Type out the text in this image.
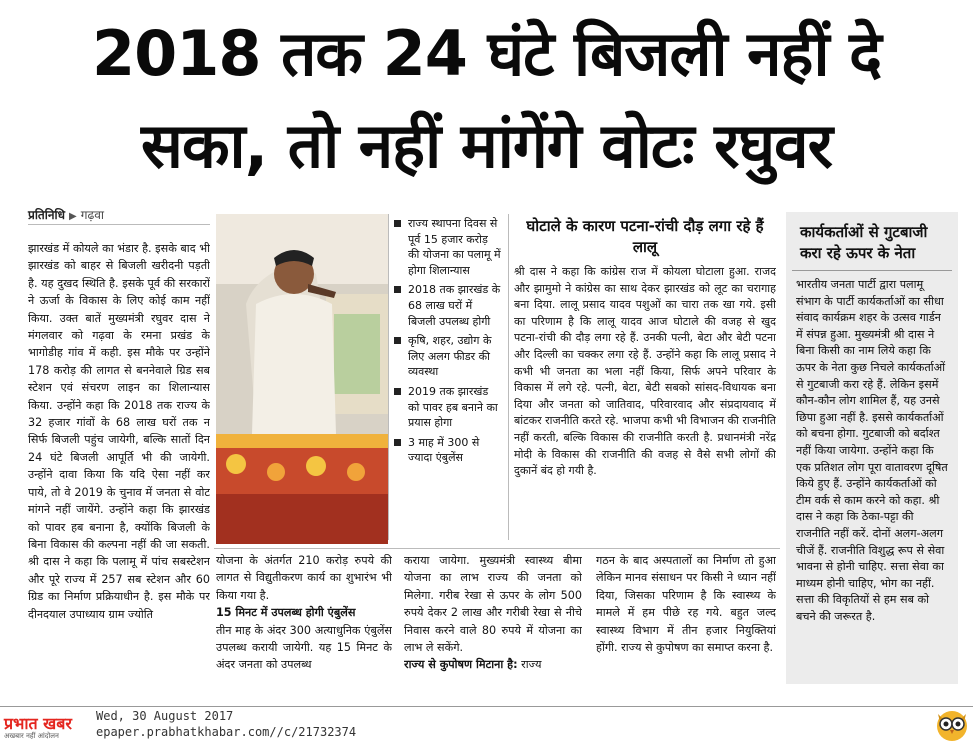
2018 तक 24 घंटे बिजली नहीं दे
सका, तो नहीं मांगेंगे वोटः रघुवर
प्रतिनिधि ▶ गढ़वा

झारखंड में कोयले का भंडार है. इसके बाद भी झारखंड को बाहर से बिजली खरीदनी पड़ती है. यह दुखद स्थिति है. इसके पूर्व की सरकारों ने ऊर्जा के विकास के लिए कोई काम नहीं किया. उक्त बातें मुख्यमंत्री रघुवर दास ने मंगलवार को गढ़वा के रमना प्रखंड के भागोडीह गांव में कही. इस मौके पर उन्होंने 178 करोड़ की लागत से बननेवाले ग्रिड सब स्टेशन एवं संचरण लाइन का शिलान्यास किया. उन्होंने कहा कि 2018 तक राज्य के 32 हजार गांवों के 68 लाख घरों तक न सिर्फ बिजली पहुंच जायेगी, बल्कि सातों दिन 24 घंटे बिजली आपूर्ति भी की जायेगी. उन्होंने दावा किया कि यदि ऐसा नहीं कर पाये, तो वे 2019 के चुनाव में जनता से वोट मांगने नहीं जायेंगे. उन्होंने कहा कि झारखंड को पावर हब बनाना है, क्योंकि बिजली के बिना विकास की कल्पना नहीं की जा सकती. श्री दास ने कहा कि पलामू में पांच सबस्टेशन और पूरे राज्य में 257 सब स्टेशन और 60 ग्रिड का निर्माण प्रक्रियाधीन है. इस मौके पर दीनदयाल उपाध्याय ग्राम ज्योति

राज्य स्थापना दिवस से पूर्व 15 हजार करोड़ की योजना का पलामू में होगा शिलान्यास
2018 तक झारखंड के 68 लाख घरों में बिजली उपलब्ध होगी
कृषि, शहर, उद्योग के लिए अलग फीडर की व्यवस्था
2019 तक झारखंड को पावर हब बनाने का प्रयास होगा
3 माह में 300 से ज्यादा एंबुलेंस
घोटाले के कारण पटना-रांची दौड़ लगा रहे हैं लालू
श्री दास ने कहा कि कांग्रेस राज में कोयला घोटाला हुआ. राजद और झामुमो ने कांग्रेस का साथ देकर झारखंड को लूट का चरागाह बना दिया. लालू प्रसाद यादव पशुओं का चारा तक खा गये. इसी का परिणाम है कि लालू यादव आज घोटाले की वजह से खुद पटना-रांची की दौड़ लगा रहे हैं. उनकी पत्नी, बेटा और बेटी पटना और दिल्ली का चक्कर लगा रहे हैं. उन्होंने कहा कि लालू प्रसाद ने कभी भी जनता का भला नहीं किया, सिर्फ अपने परिवार के विकास में लगे रहे. पत्नी, बेटा, बेटी सबको सांसद-विधायक बना दिया और जनता को जातिवाद, परिवारवाद और संप्रदायवाद में बांटकर राजनीति करते रहे. भाजपा कभी भी विभाजन की राजनीति नहीं करती, बल्कि विकास की राजनीति करती है. प्रधानमंत्री नरेंद्र मोदी के विकास की राजनीति की वजह से वैसे सभी लोगों की दुकानें बंद हो गयी है.

योजना के अंतर्गत 210 करोड़ रुपये की लागत से विद्युतीकरण कार्य का शुभारंभ भी किया गया है.

15 मिनट में उपलब्ध होगी एंबुलेंस

तीन माह के अंदर 300 अत्याधुनिक एंबुलेंस उपलब्ध करायी जायेगी. यह 15 मिनट के अंदर जनता को उपलब्ध

कराया जायेगा. मुख्यमंत्री स्वास्थ्य बीमा योजना का लाभ राज्य की जनता को मिलेगा. गरीब रेखा से ऊपर के लोग 500 रुपये देकर 2 लाख और गरीबी रेखा से नीचे निवास करने वाले 80 रुपये में योजना का लाभ ले सकेंगे.

राज्य से कुपोषण मिटाना है: राज्य

गठन के बाद अस्पतालों का निर्माण तो हुआ लेकिन मानव संसाधन पर किसी ने ध्यान नहीं दिया, जिसका परिणाम है कि स्वास्थ्य के मामले में हम पीछे रह गये. बहुत जल्द स्वास्थ्य विभाग में तीन हजार नियुक्तियां होंगी. राज्य से कुपोषण का समाप्त करना है.

कार्यकर्ताओं से गुटबाजी करा रहे ऊपर के नेता
भारतीय जनता पार्टी द्वारा पलामू संभाग के पार्टी कार्यकर्ताओं का सीधा संवाद कार्यक्रम शहर के उत्सव गार्डन में संपन्न हुआ. मुख्यमंत्री श्री दास ने बिना किसी का नाम लिये कहा कि ऊपर के नेता कुछ निचले कार्यकर्ताओं से गुटबाजी करा रहे हैं. लेकिन इसमें कौन-कौन लोग शामिल हैं, यह उनसे छिपा हुआ नहीं है. इससे कार्यकर्ताओं को बचना होगा. गुटबाजी को बर्दाश्त नहीं किया जायेगा. उन्होंने कहा कि एक प्रतिशत लोग पूरा वातावरण दूषित किये हुए हैं. उन्होंने कार्यकर्ताओं को टीम वर्क से काम करने को कहा. श्री दास ने कहा कि ठेका-पट्टा की राजनीति नहीं करें. दोनों अलग-अलग चीजें हैं. राजनीति विशुद्ध रूप से सेवा भावना से होनी चाहिए. सत्ता सेवा का माध्यम होनी चाहिए, भोग का नहीं. सत्ता की विकृतियों से हम सब को बचने की जरूरत है.
प्रभात खबर
अखबार नहीं आंदोलन
Wed, 30 August 2017
epaper.prabhatkhabar.com//c/21732374
